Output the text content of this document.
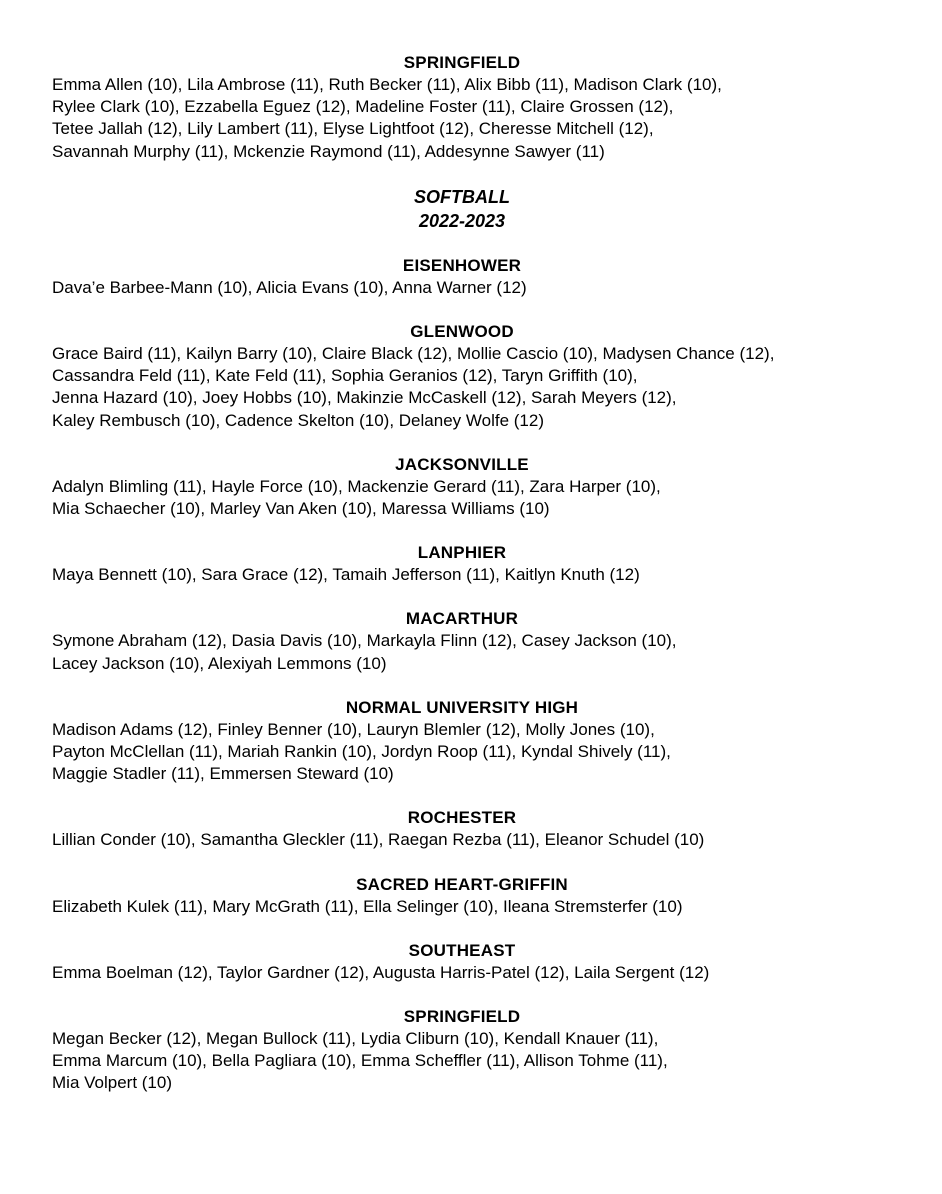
SPRINGFIELD
Emma Allen (10), Lila Ambrose (11), Ruth Becker (11), Alix Bibb (11), Madison Clark (10),
Rylee Clark (10), Ezzabella Eguez (12), Madeline Foster (11), Claire Grossen (12),
Tetee Jallah (12), Lily Lambert (11), Elyse Lightfoot (12), Cheresse Mitchell (12),
Savannah Murphy (11), Mckenzie Raymond (11), Addesynne Sawyer (11)
SOFTBALL
2022-2023
EISENHOWER
Dava’e Barbee-Mann (10), Alicia Evans (10), Anna Warner (12)
GLENWOOD
Grace Baird (11), Kailyn Barry (10), Claire Black (12), Mollie Cascio (10), Madysen Chance (12),
Cassandra Feld (11), Kate Feld (11), Sophia Geranios (12), Taryn Griffith (10),
Jenna Hazard (10), Joey Hobbs (10), Makinzie McCaskell (12), Sarah Meyers (12),
Kaley Rembusch (10), Cadence Skelton (10), Delaney Wolfe (12)
JACKSONVILLE
Adalyn Blimling (11), Hayle Force (10), Mackenzie Gerard (11), Zara Harper (10),
Mia Schaecher (10), Marley Van Aken (10), Maressa Williams (10)
LANPHIER
Maya Bennett (10), Sara Grace (12), Tamaih Jefferson (11), Kaitlyn Knuth (12)
MACARTHUR
Symone Abraham (12), Dasia Davis (10), Markayla Flinn (12), Casey Jackson (10),
Lacey Jackson (10), Alexiyah Lemmons (10)
NORMAL UNIVERSITY HIGH
Madison Adams (12), Finley Benner (10), Lauryn Blemler (12), Molly Jones (10),
Payton McClellan (11), Mariah Rankin (10), Jordyn Roop (11), Kyndal Shively (11),
Maggie Stadler (11), Emmersen Steward (10)
ROCHESTER
Lillian Conder (10), Samantha Gleckler (11), Raegan Rezba (11), Eleanor Schudel (10)
SACRED HEART-GRIFFIN
Elizabeth Kulek (11), Mary McGrath (11), Ella Selinger (10), Ileana Stremsterfer (10)
SOUTHEAST
Emma Boelman (12), Taylor Gardner (12), Augusta Harris-Patel (12), Laila Sergent (12)
SPRINGFIELD
Megan Becker (12), Megan Bullock (11), Lydia Cliburn (10), Kendall Knauer (11),
Emma Marcum (10), Bella Pagliara (10), Emma Scheffler (11), Allison Tohme (11),
Mia Volpert (10)
